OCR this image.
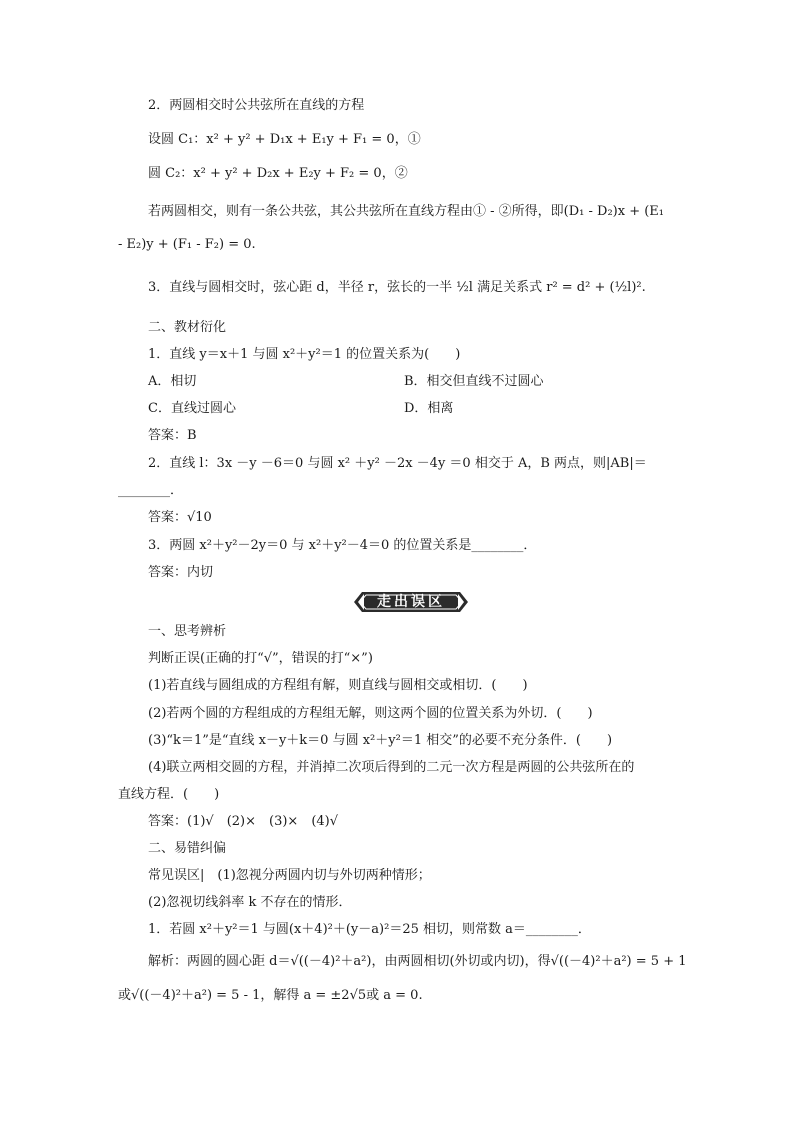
2．两圆相交时公共弦所在直线的方程
设圆 C₁：x² + y² + D₁x + E₁y + F₁ = 0，①
圆 C₂：x² + y² + D₂x + E₂y + F₂ = 0，②
若两圆相交，则有一条公共弦，其公共弦所在直线方程由① - ②所得，即(D₁ - D₂)x + (E₁
- E₂)y + (F₁ - F₂) = 0.
3．直线与圆相交时，弦心距 d，半径 r，弦长的一半 ½l 满足关系式 r² = d² + (½l)².
二、教材衍化
1．直线 y＝x＋1 与圆 x²＋y²＝1 的位置关系为(　　)
A．相切	B．相交但直线不过圆心
C．直线过圆心	D．相离
答案：B
2．直线 l：3x －y －6＝0 与圆 x² ＋y² －2x －4y ＝0 相交于 A，B 两点，则|AB|＝
________．
答案：√10
3．两圆 x²＋y²－2y＝0 与 x²＋y²－4＝0 的位置关系是________．
答案：内切
走出误区
一、思考辨析
判断正误(正确的打“√”，错误的打“×”)
(1)若直线与圆组成的方程组有解，则直线与圆相交或相切．(　　)
(2)若两个圆的方程组成的方程组无解，则这两个圆的位置关系为外切．(　　)
(3)“k＝1”是“直线 x－y＋k＝0 与圆 x²＋y²＝1 相交”的必要不充分条件．(　　)
(4)联立两相交圆的方程，并消掉二次项后得到的二元一次方程是两圆的公共弦所在的
直线方程．(　　)
答案：(1)√　(2)×　(3)×　(4)√
二、易错纠偏
常见误区|　(1)忽视分两圆内切与外切两种情形；
(2)忽视切线斜率 k 不存在的情形．
1．若圆 x²＋y²＝1 与圆(x＋4)²＋(y－a)²＝25 相切，则常数 a＝________．
解析：两圆的圆心距 d＝√((－4)²＋a²)，由两圆相切(外切或内切)，得√((－4)²＋a²) = 5 + 1
或√((－4)²＋a²) = 5 - 1，解得 a = ±2√5或 a = 0.
